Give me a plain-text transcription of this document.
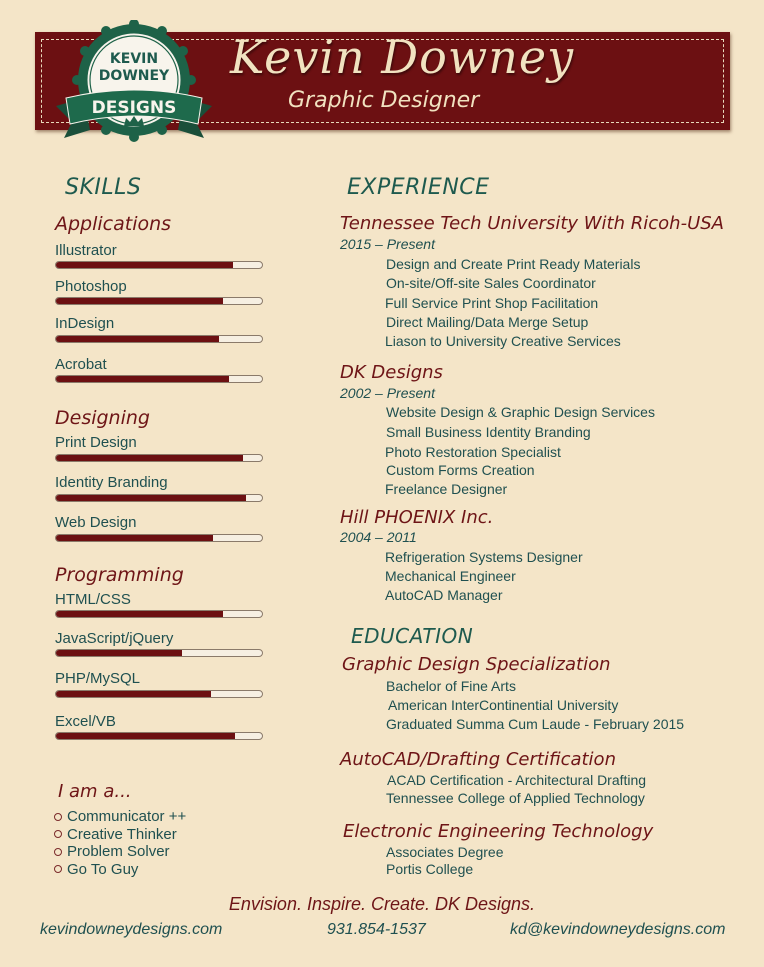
Kevin Downey
Graphic Designer
KEVIN
DOWNEY
DESIGNS
SKILLS
Applications
Illustrator
Photoshop
InDesign
Acrobat
Designing
Print Design
Identity Branding
Web Design
Programming
HTML/CSS
JavaScript/jQuery
PHP/MySQL
Excel/VB
I am a...
Communicator ++
Creative Thinker
Problem Solver
Go To Guy
EXPERIENCE
Tennessee Tech University With Ricoh-USA
2015 – Present
Design and Create Print Ready Materials
On-site/Off-site Sales Coordinator
Full Service Print Shop Facilitation
Direct Mailing/Data Merge Setup
Liason to University Creative Services
DK Designs
2002 – Present
Website Design & Graphic Design Services
Small Business Identity Branding
Photo Restoration Specialist
Custom Forms Creation
Freelance Designer
Hill PHOENIX Inc.
2004 – 2011
Refrigeration Systems Designer
Mechanical Engineer
AutoCAD Manager
EDUCATION
Graphic Design Specialization
Bachelor of Fine Arts
American InterContinential University
Graduated Summa Cum Laude - February 2015
AutoCAD/Drafting Certification
ACAD Certification - Architectural Drafting
Tennessee College of Applied Technology
Electronic Engineering Technology
Associates Degree
Portis College
Envision. Inspire. Create. DK Designs.
kevindowneydesigns.com	931.854-1537	kd@kevindowneydesigns.com
